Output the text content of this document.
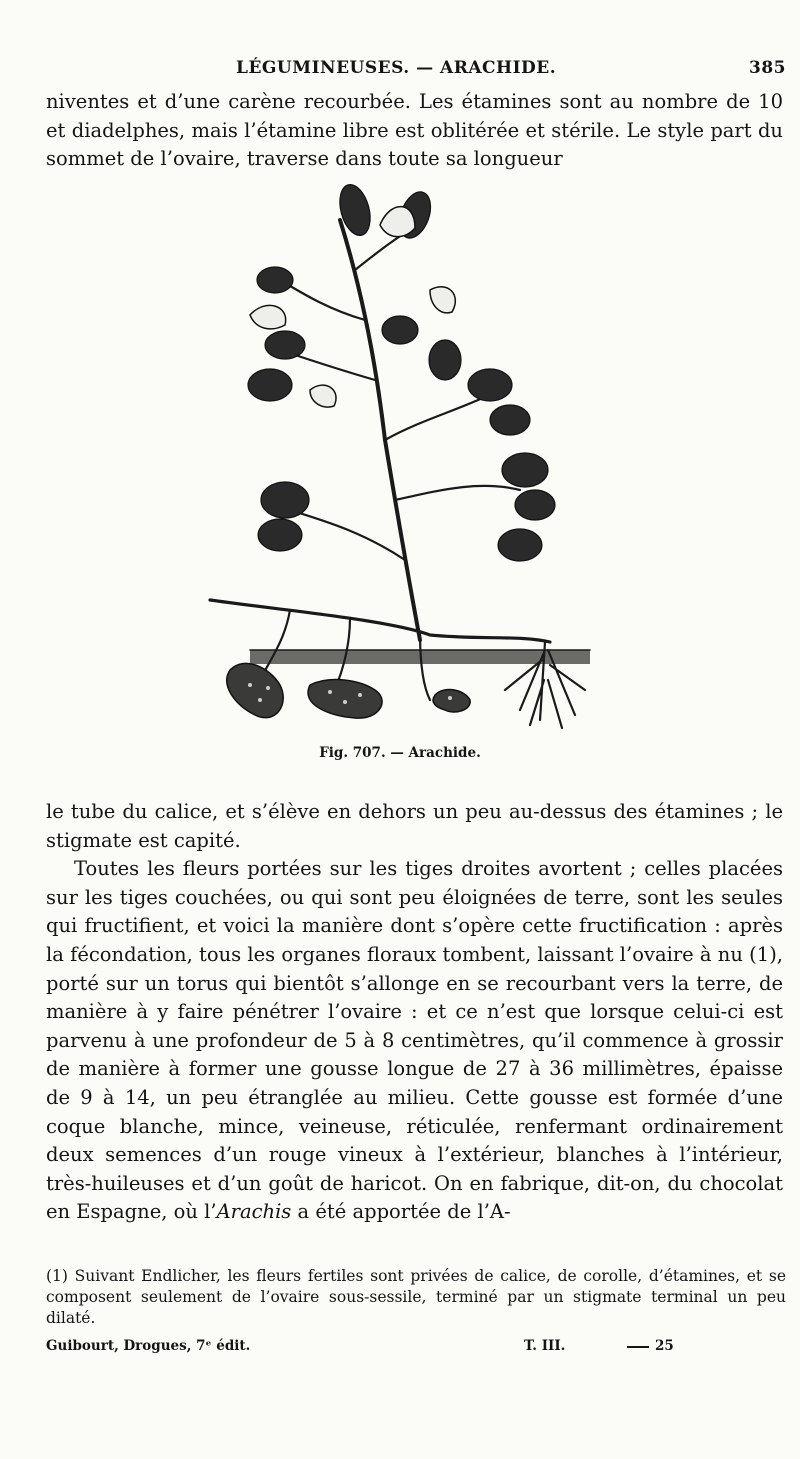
LÉGUMINEUSES. — ARACHIDE.	385

niventes et d’une carène recourbée. Les étamines sont au nombre de 10 et diadelphes, mais l’étamine libre est oblitérée et stérile. Le style part du sommet de l’ovaire, traverse dans toute sa longueur

Fig. 707. — Arachide.

le tube du calice, et s’élève en dehors un peu au-dessus des étamines ; le stigmate est capité.

Toutes les fleurs portées sur les tiges droites avortent ; celles placées sur les tiges couchées, ou qui sont peu éloignées de terre, sont les seules qui fructifient, et voici la manière dont s’opère cette fructification : après la fécondation, tous les organes floraux tombent, laissant l’ovaire à nu (1), porté sur un torus qui bientôt s’allonge en se recourbant vers la terre, de manière à y faire pénétrer l’ovaire : et ce n’est que lorsque celui-ci est parvenu à une profondeur de 5 à 8 centimètres, qu’il commence à grossir de manière à former une gousse longue de 27 à 36 millimètres, épaisse de 9 à 14, un peu étranglée au milieu. Cette gousse est formée d’une coque blanche, mince, veineuse, réticulée, renfermant ordinairement deux semences d’un rouge vineux à l’extérieur, blanches à l’intérieur, très-huileuses et d’un goût de haricot. On en fabrique, dit-on, du chocolat en Espagne, où l’Arachis a été apportée de l’A-

(1) Suivant Endlicher, les fleurs fertiles sont privées de calice, de corolle, d’étamines, et se composent seulement de l’ovaire sous-sessile, terminé par un stigmate terminal un peu dilaté.

Guibourt, Drogues, 7ᵉ édit.	T. III.	25
